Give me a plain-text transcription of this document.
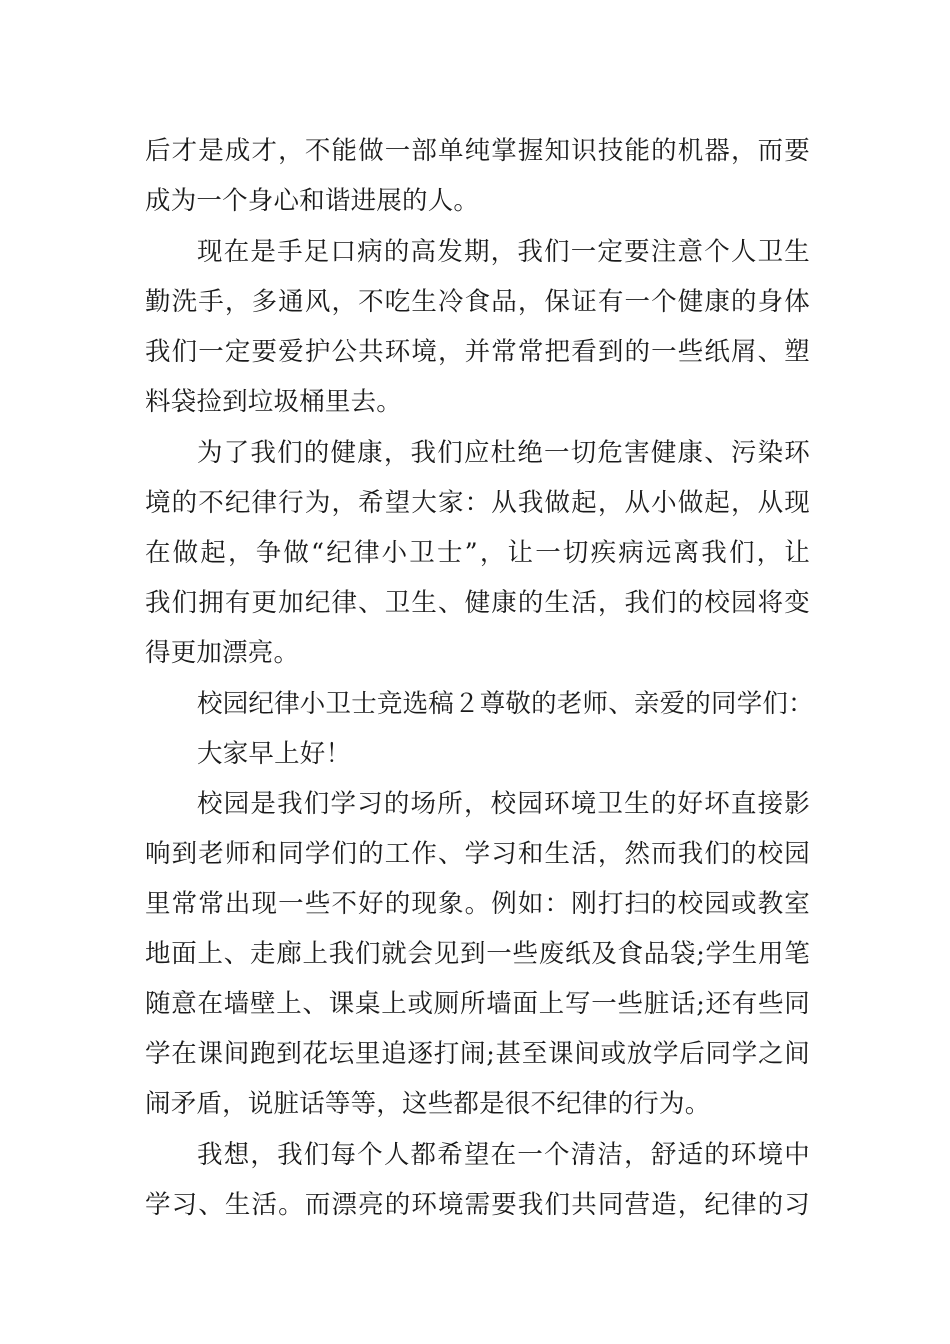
后才是成才，不能做一部单纯掌握知识技能的机器，而要
成为一个身心和谐进展的人。
现在是手足口病的高发期，我们一定要注意个人卫生
勤洗手，多通风，不吃生冷食品，保证有一个健康的身体
我们一定要爱护公共环境，并常常把看到的一些纸屑、塑
料袋捡到垃圾桶里去。
为了我们的健康，我们应杜绝一切危害健康、污染环
境的不纪律行为，希望大家：从我做起，从小做起，从现
在做起，争做“纪律小卫士”，让一切疾病远离我们，让
我们拥有更加纪律、卫生、健康的生活，我们的校园将变
得更加漂亮。
校园纪律小卫士竞选稿２尊敬的老师、亲爱的同学们：
大家早上好！
校园是我们学习的场所，校园环境卫生的好坏直接影
响到老师和同学们的工作、学习和生活，然而我们的校园
里常常出现一些不好的现象。例如：刚打扫的校园或教室
地面上、走廊上我们就会见到一些废纸及食品袋;学生用笔
随意在墙壁上、课桌上或厕所墙面上写一些脏话;还有些同
学在课间跑到花坛里追逐打闹;甚至课间或放学后同学之间
闹矛盾，说脏话等等，这些都是很不纪律的行为。
我想，我们每个人都希望在一个清洁，舒适的环境中
学习、生活。而漂亮的环境需要我们共同营造，纪律的习
